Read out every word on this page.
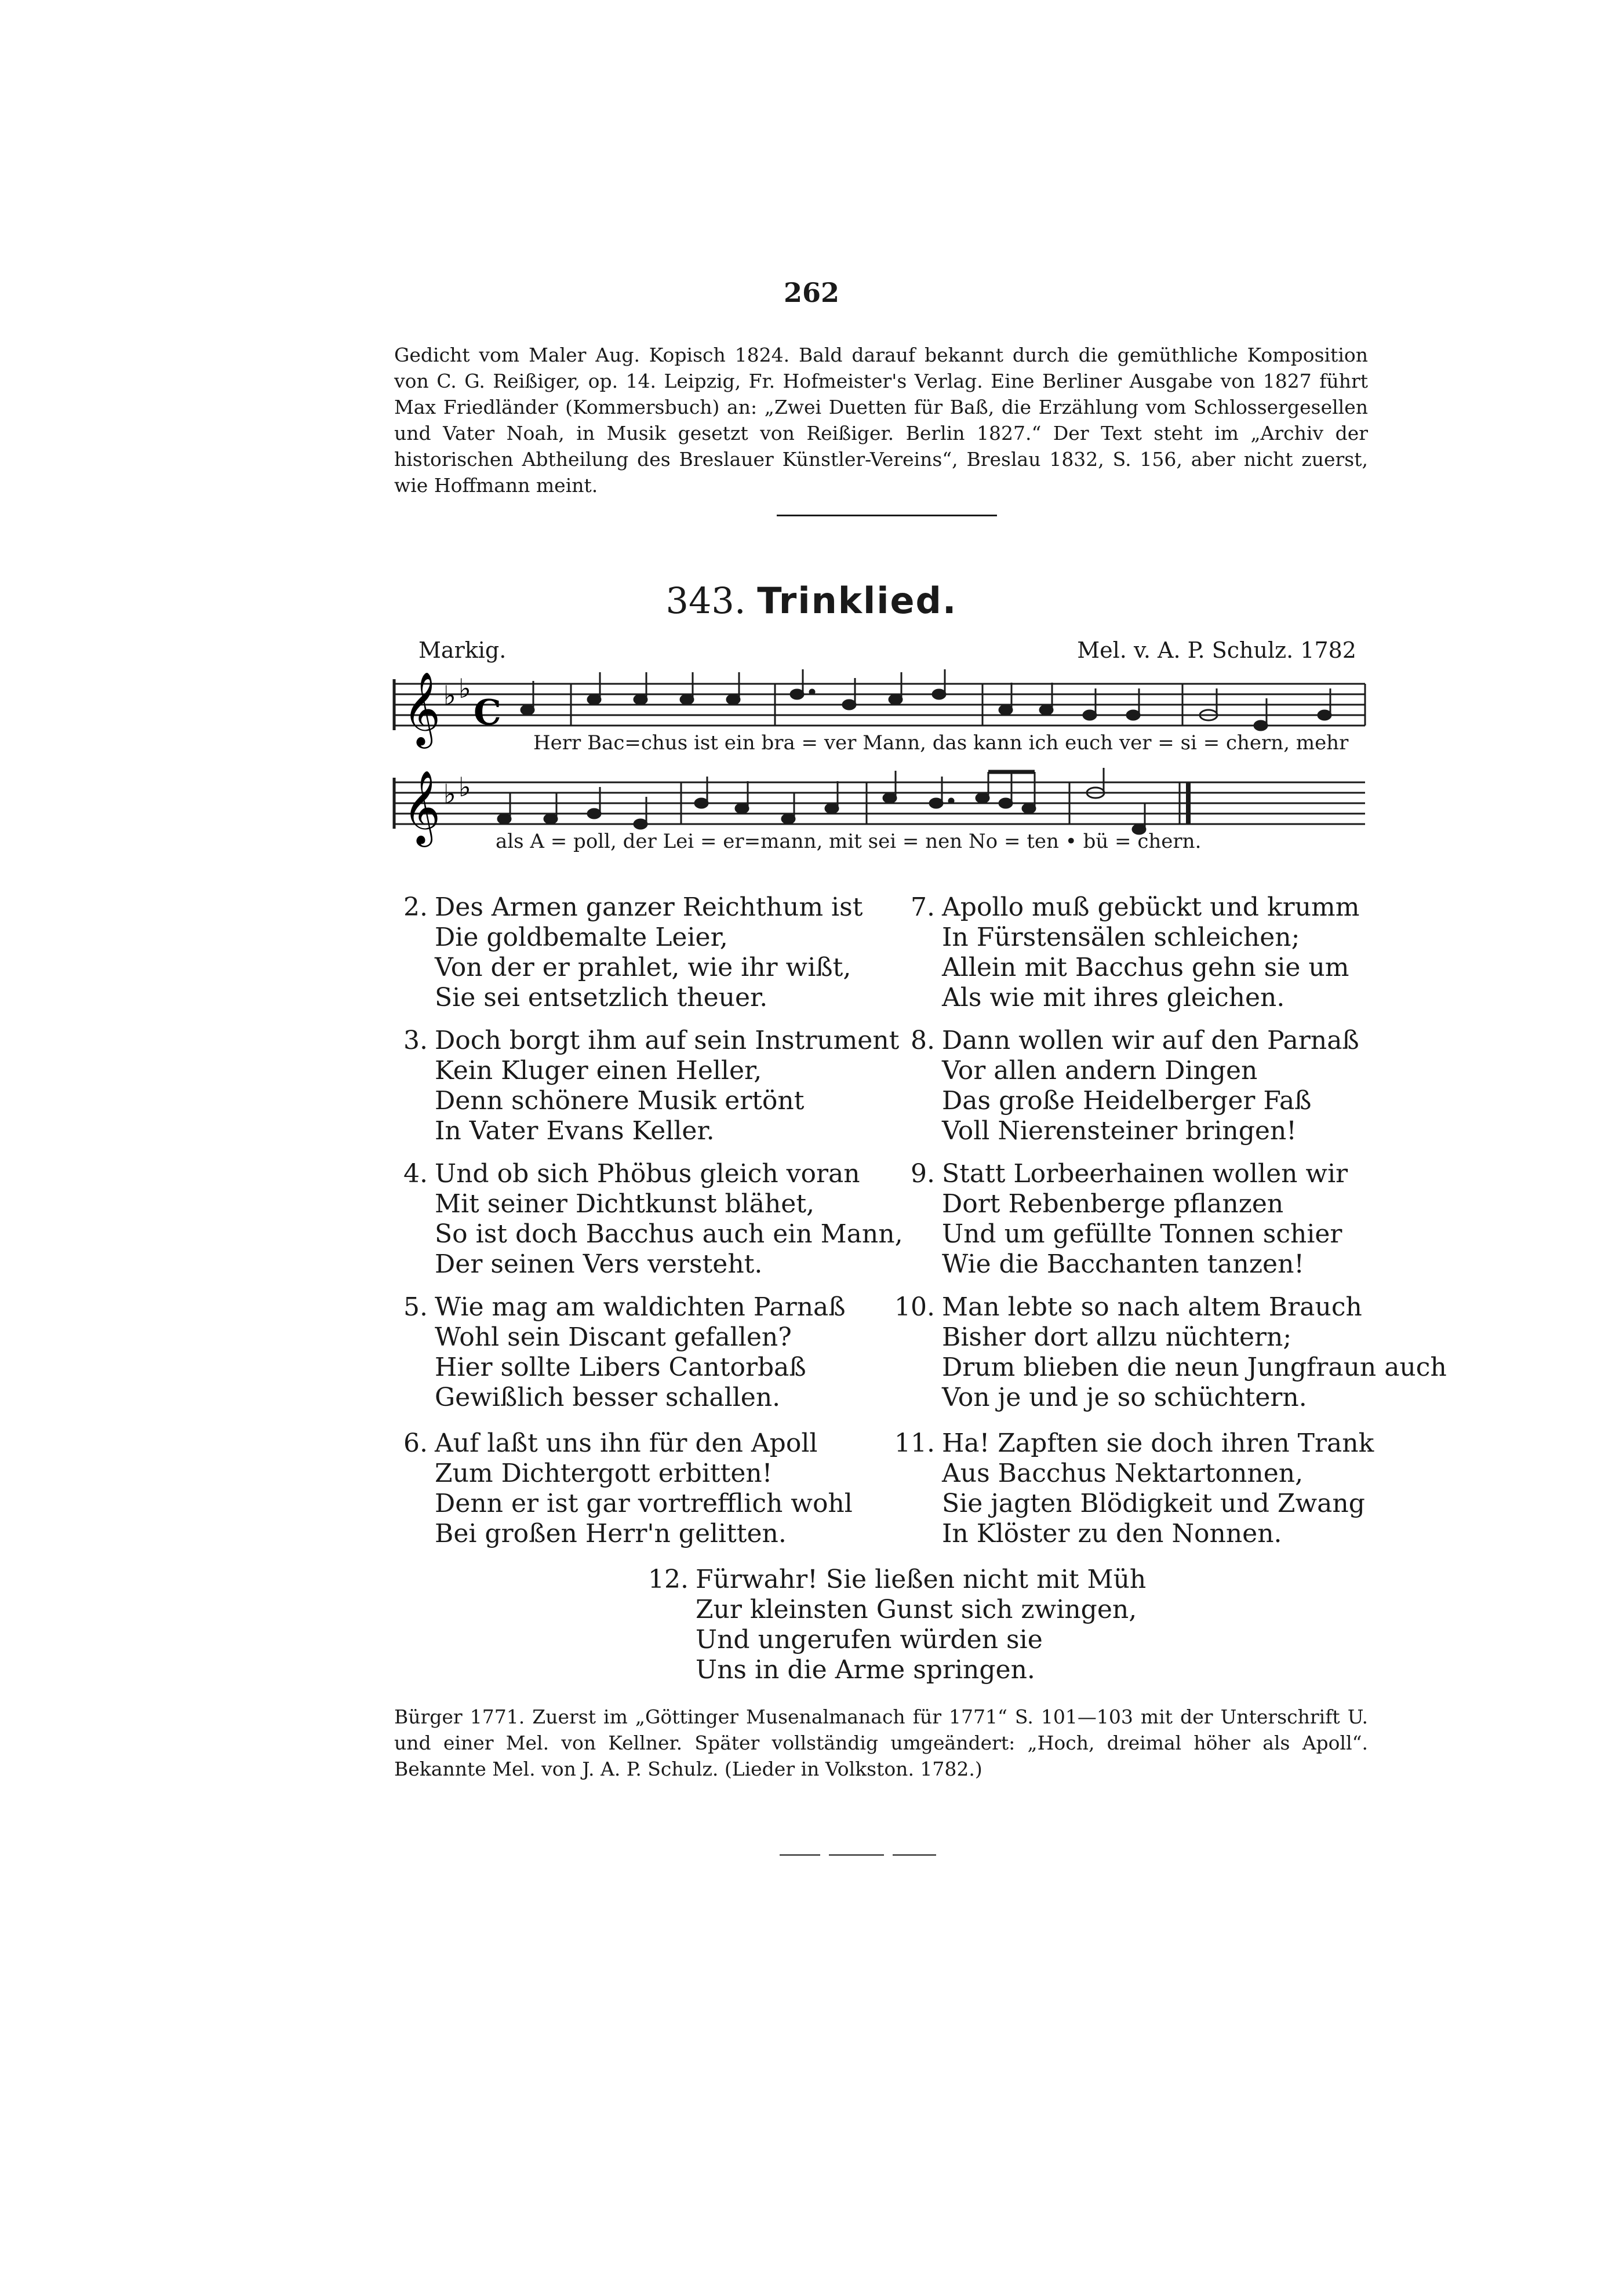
262
Gedicht vom Maler Aug. Kopisch 1824. Bald darauf bekannt durch die gemüthliche Komposition von C. G. Reißiger, op. 14. Leipzig, Fr. Hofmeister's Verlag. Eine Berliner Ausgabe von 1827 führt Max Friedländer (Kommersbuch) an: „Zwei Duetten für Baß, die Erzählung vom Schlossergesellen und Vater Noah, in Musik gesetzt von Reißiger. Berlin 1827.“ Der Text steht im „Archiv der historischen Abtheilung des Breslauer Künstler-Vereins“, Breslau 1832, S. 156, aber nicht zuerst, wie Hoffmann meint.
343. Trinklied.
Markig.	Mel. v. A. P. Schulz. 1782
𝄞 ♭ ♭
C
Herr Bac=chus ist ein bra = ver Mann, das kann ich euch ver = si = chern, mehr
𝄞 ♭ ♭
als A = poll, der Lei = er=mann, mit sei = nen No = ten • bü = chern.
2. Des Armen ganzer Reichthum ist
Die goldbemalte Leier,
Von der er prahlet, wie ihr wißt,
Sie sei entsetzlich theuer.
3. Doch borgt ihm auf sein Instrument
Kein Kluger einen Heller,
Denn schönere Musik ertönt
In Vater Evans Keller.
4. Und ob sich Phöbus gleich voran
Mit seiner Dichtkunst blähet,
So ist doch Bacchus auch ein Mann,
Der seinen Vers versteht.
5. Wie mag am waldichten Parnaß
Wohl sein Discant gefallen?
Hier sollte Libers Cantorbaß
Gewißlich besser schallen.
6. Auf laßt uns ihn für den Apoll
Zum Dichtergott erbitten!
Denn er ist gar vortrefflich wohl
Bei großen Herr'n gelitten.
7. Apollo muß gebückt und krumm
In Fürstensälen schleichen;
Allein mit Bacchus gehn sie um
Als wie mit ihres gleichen.
8. Dann wollen wir auf den Parnaß
Vor allen andern Dingen
Das große Heidelberger Faß
Voll Nierensteiner bringen!
9. Statt Lorbeerhainen wollen wir
Dort Rebenberge pflanzen
Und um gefüllte Tonnen schier
Wie die Bacchanten tanzen!
10. Man lebte so nach altem Brauch
Bisher dort allzu nüchtern;
Drum blieben die neun Jungfraun auch
Von je und je so schüchtern.
11. Ha! Zapften sie doch ihren Trank
Aus Bacchus Nektartonnen,
Sie jagten Blödigkeit und Zwang
In Klöster zu den Nonnen.
12. Fürwahr! Sie ließen nicht mit Müh
Zur kleinsten Gunst sich zwingen,
Und ungerufen würden sie
Uns in die Arme springen.
Bürger 1771. Zuerst im „Göttinger Musenalmanach für 1771“ S. 101—103 mit der Unterschrift U. und einer Mel. von Kellner. Später vollständig umgeändert: „Hoch, dreimal höher als Apoll“. Bekannte Mel. von J. A. P. Schulz. (Lieder in Volkston. 1782.)
